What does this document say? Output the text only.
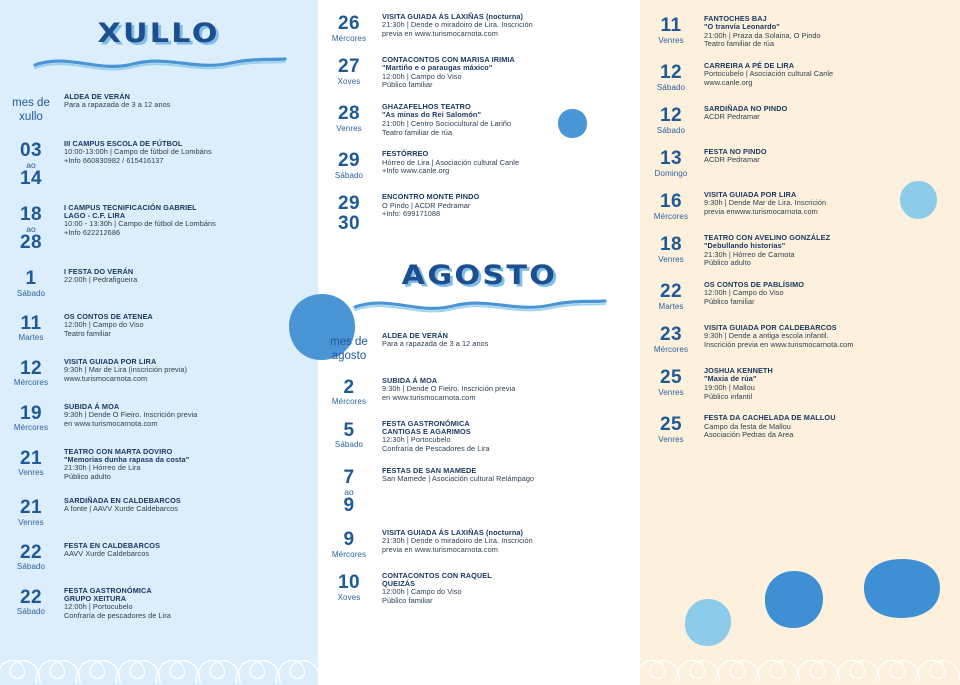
XULLO
mes de
xullo
ALDEA DE VERÁN
Para a rapazada de 3 a 12 anos
03
ao
14
III CAMPUS ESCOLA DE FÚTBOL
10:00-13:00h | Campo de fútbol de Lombáns
+Info 660830982 / 615416137
18
ao
28
I CAMPUS TECNIFICACIÓN GABRIEL
LAGO - C.F. LIRA
10:00 - 13:30h | Campo de fútbol de Lombáns
+Info 622212686
1
Sábado
I FESTA DO VERÁN
22:00h | Pedrafigueira
11
Martes
OS CONTOS DE ATENEA
12:00h | Campo do Viso
Teatro familiar
12
Mércores
VISITA GUIADA POR LIRA
9:30h | Mar de Lira (inscrición previa)
www.turismocarnota.com
19
Mércores
SUBIDA Á MOA
9:30h | Dende O Fieiro. Inscrición previa
en www.turismocarnota.com
21
Venres
TEATRO CON MARTA DOVIRO
"Memorias dunha rapasa da costa"
21:30h | Hórreo de Lira
Público adulto
21
Venres
SARDIÑADA EN CALDEBARCOS
A fonte | AAVV Xurde Caldebarcos
22
Sábado
FESTA EN CALDEBARCOS
AAVV Xurde Caldebarcos
22
Sábado
FESTA GASTRONÓMICA
GRUPO XEITURA
12:00h | Portocubelo
Confraría de pescadores de Lira
26
Mércores
VISITA GUIADA ÁS LAXIÑAS (nocturna)
21:30h | Dende o miradoiro de Lira. Inscrición
previa en www.turismocarnota.com
27
Xoves
CONTACONTOS CON MARISA IRIMIA
"Martiño e o paraugas máxico"
12:00h | Campo do Viso
Público familiar
28
Venres
GHAZAFELHOS TEATRO
"As minas do Rei Salomón"
21:00h | Centro Sociocultural de Lariño
Teatro familiar de rúa
29
Sábado
FESTÓRREO
Hórreo de Lira | Asociación cultural Canle
+Info www.canle.org
29
30
ENCONTRO MONTE PINDO
O Pindo | ACDR Pedramar
+Info: 699171088
AGOSTO
mes de
agosto
ALDEA DE VERÁN
Para a rapazada de 3 a 12 anos
2
Mércores
SUBIDA Á MOA
9:30h | Dende O Fieiro. Inscrición previa
en www.turismocarnota.com
5
Sábado
FESTA GASTRONÓMICA
CANTIGAS E AGARIMOS
12:30h | Portocubelo
Confraría de Pescadores de Lira
7
ao
9
FESTAS DE SAN MAMEDE
San Mamede | Asociación cultural Relámpago
9
Mércores
VISITA GUIADA ÁS LAXIÑAS (nocturna)
21:30h | Dende o miradoiro de Lira. Inscrición
previa en www.turismocarnota.com
10
Xoves
CONTACONTOS CON RAQUEL
QUEIZÁS
12:00h | Campo do Viso
Público familiar
11
Venres
FANTOCHES BAJ
"O tranvía Leonardo"
21:00h | Praza da Solaina, O Pindo
Teatro familiar de rúa
12
Sábado
CARREIRA A PÉ DE LIRA
Portocubelo | Asociación cultural Canle
www.canle.org
12
Sábado
SARDIÑADA NO PINDO
ACDR Pedramar
13
Domingo
FESTA NO PINDO
ACDR Pedramar
16
Mércores
VISITA GUIADA POR LIRA
9:30h | Dende Mar de Lira. Inscrición
previa enwww.turismocarnota.com
18
Venres
TEATRO CON AVELINO GONZÁLEZ
"Debullando historias"
21:30h | Hórreo de Carnota
Público adulto
22
Martes
OS CONTOS DE PABLÍSIMO
12:00h | Campo do Viso
Público familiar
23
Mércores
VISITA GUIADA POR CALDEBARCOS
9:30h | Dende a antiga escola infantil.
Inscrición previa en www.turismocarnota.com
25
Venres
JOSHUA KENNETH
"Maxia de rúa"
19:00h | Mallou
Público infantil
25
Venres
FESTA DA CACHELADA DE MALLOU
Campo da festa de Mallou
Asociación Pedras da Area
